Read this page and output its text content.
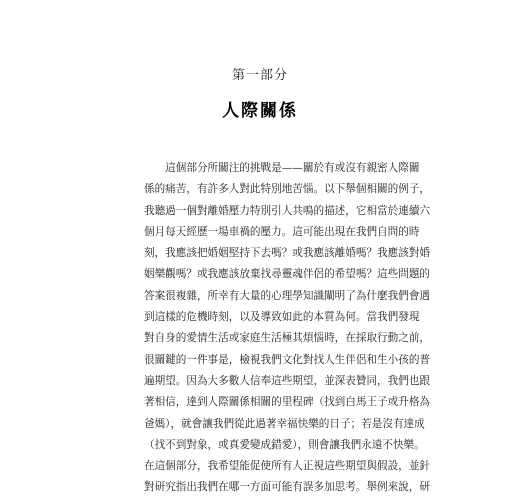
第一部分
人際關係
　　這個部分所關注的挑戰是——關於有或沒有親密人際關
係的痛苦，有許多人對此特別地苦惱。以下舉個相關的例子，
我聽過一個對離婚壓力特別引人共鳴的描述，它相當於連續六
個月每天經歷一場車禍的壓力。這可能出現在我們自問的時
刻，我應該把婚姻堅持下去嗎？或我應該離婚嗎？我應該對婚
姻樂觀嗎？或我應該放棄找尋靈魂伴侶的希望嗎？這些問題的
答案很複雜，所幸有大量的心理學知識闡明了為什麼我們會遇
到這樣的危機時刻，以及導致如此的本質為何。當我們發現
對自身的愛情生活或家庭生活極其煩惱時，在採取行動之前，
很關鍵的一件事是，檢視我們文化對找人生伴侶和生小孩的普
遍期望。因為大多數人信奉這些期望，並深表贊同，我們也跟
著相信，達到人際關係相關的里程碑（找到白馬王子或升格為
爸媽），就會讓我們從此過著幸福快樂的日子；若是沒有達成
（找不到對象，或真愛變成錯愛），則會讓我們永遠不快樂。
在這個部分，我希望能促使所有人正視這些期望與假設，並針
對研究指出我們在哪一方面可能有誤多加思考。舉例來說，研
